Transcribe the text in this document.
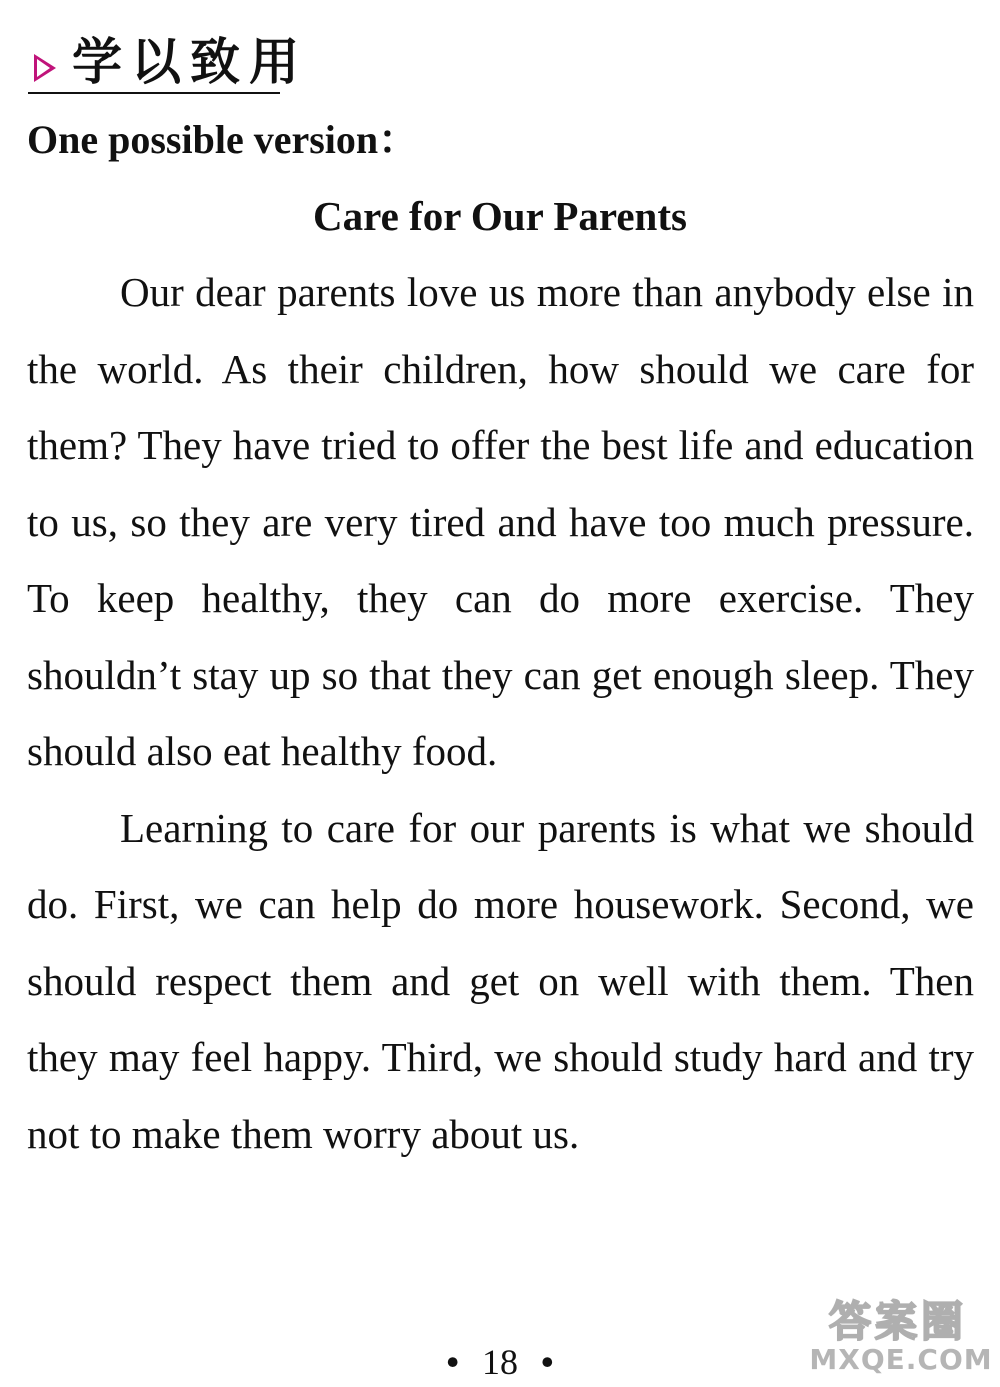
学以致用
One possible version：
Care for Our Parents

Our dear parents love us more than anybody else in the world. As their children, how should we care for them? They have tried to offer the best life and education to us, so they are very tired and have too much pressure. To keep healthy, they can do more exercise. They shouldn’t stay up so that they can get enough sleep. They should also eat healthy food.

Learning to care for our parents is what we should do. First, we can help do more housework. Second, we should respect them and get on well with them. Then they may feel happy. Third, we should study hard and try not to make them worry about us.

• 18 •
答案圈
MXQE.COM
